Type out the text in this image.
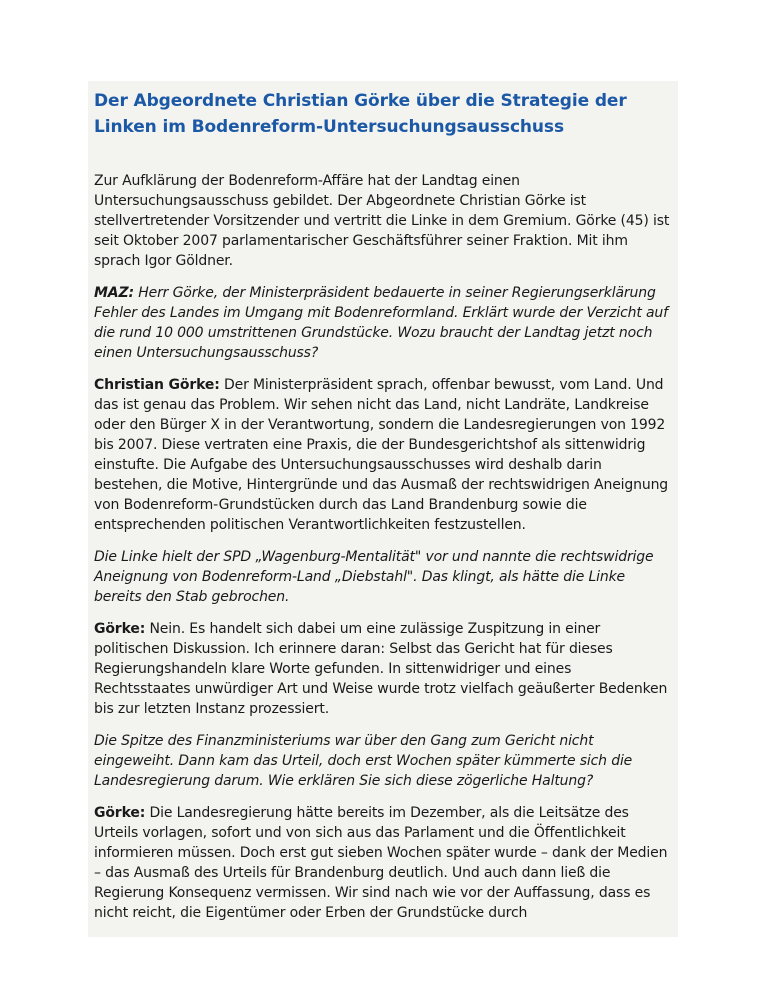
Der Abgeordnete Christian Görke über die Strategie der Linken im Bodenreform-Untersuchungsausschuss

Zur Aufklärung der Bodenreform-Affäre hat der Landtag einen Untersuchungsausschuss gebildet. Der Abgeordnete Christian Görke ist stellvertretender Vorsitzender und vertritt die Linke in dem Gremium. Görke (45) ist seit Oktober 2007 parlamentarischer Geschäftsführer seiner Fraktion. Mit ihm sprach Igor Göldner.

MAZ: Herr Görke, der Ministerpräsident bedauerte in seiner Regierungserklärung Fehler des Landes im Umgang mit Bodenreformland. Erklärt wurde der Verzicht auf die rund 10 000 umstrittenen Grundstücke. Wozu braucht der Landtag jetzt noch einen Untersuchungsausschuss?

Christian Görke: Der Ministerpräsident sprach, offenbar bewusst, vom Land. Und das ist genau das Problem. Wir sehen nicht das Land, nicht Landräte, Landkreise oder den Bürger X in der Verantwortung, sondern die Landesregierungen von 1992 bis 2007. Diese vertraten eine Praxis, die der Bundesgerichtshof als sittenwidrig einstufte. Die Aufgabe des Untersuchungsausschusses wird deshalb darin bestehen, die Motive, Hintergründe und das Ausmaß der rechtswidrigen Aneignung von Bodenreform-Grundstücken durch das Land Brandenburg sowie die entsprechenden politischen Verantwortlichkeiten festzustellen.

Die Linke hielt der SPD „Wagenburg-Mentalität" vor und nannte die rechtswidrige Aneignung von Bodenreform-Land „Diebstahl". Das klingt, als hätte die Linke bereits den Stab gebrochen.

Görke: Nein. Es handelt sich dabei um eine zulässige Zuspitzung in einer politischen Diskussion. Ich erinnere daran: Selbst das Gericht hat für dieses Regierungshandeln klare Worte gefunden. In sittenwidriger und eines Rechtsstaates unwürdiger Art und Weise wurde trotz vielfach geäußerter Bedenken bis zur letzten Instanz prozessiert.

Die Spitze des Finanzministeriums war über den Gang zum Gericht nicht eingeweiht. Dann kam das Urteil, doch erst Wochen später kümmerte sich die Landesregierung darum. Wie erklären Sie sich diese zögerliche Haltung?

Görke: Die Landesregierung hätte bereits im Dezember, als die Leitsätze des Urteils vorlagen, sofort und von sich aus das Parlament und die Öffentlichkeit informieren müssen. Doch erst gut sieben Wochen später wurde – dank der Medien – das Ausmaß des Urteils für Brandenburg deutlich. Und auch dann ließ die Regierung Konsequenz vermissen. Wir sind nach wie vor der Auffassung, dass es nicht reicht, die Eigentümer oder Erben der Grundstücke durch
